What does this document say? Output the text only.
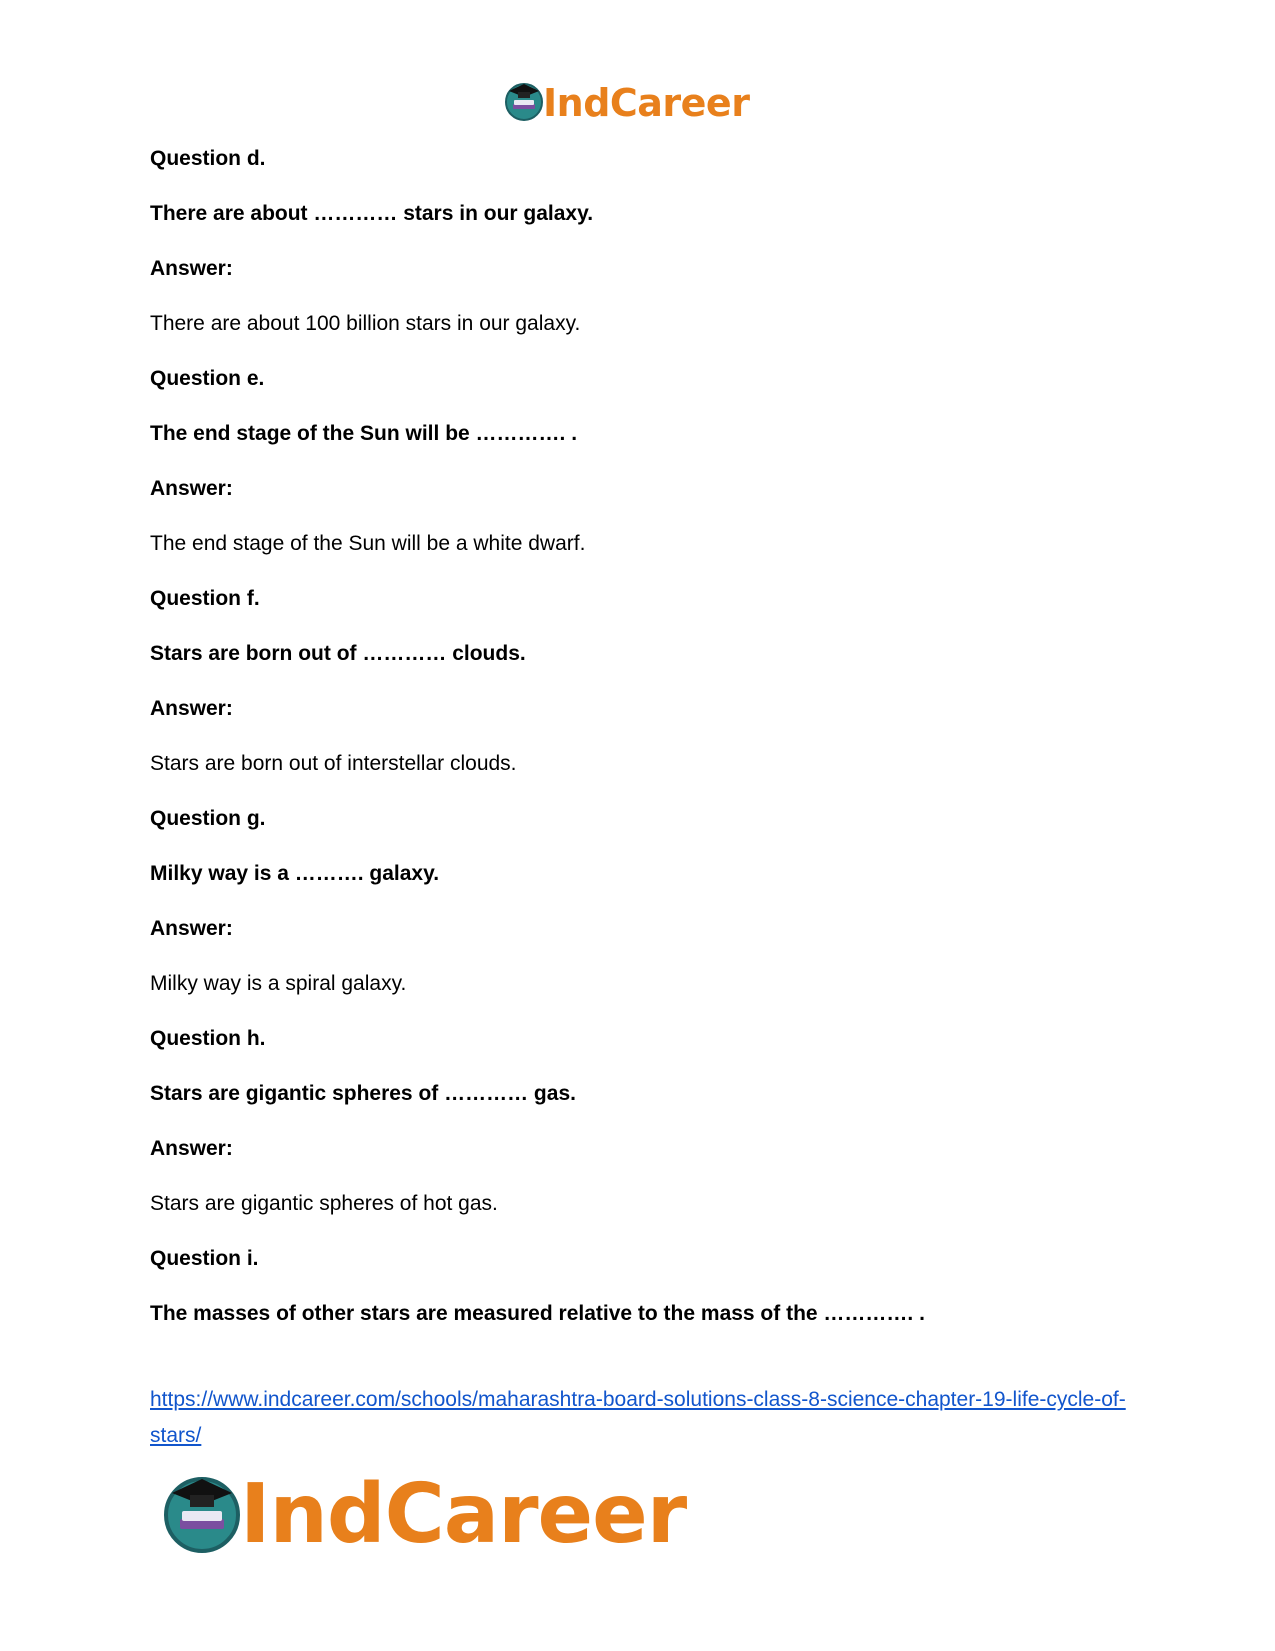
IndCareer
Question d.
There are about ………… stars in our galaxy.
Answer:
There are about 100 billion stars in our galaxy.
Question e.
The end stage of the Sun will be …………. .
Answer:
The end stage of the Sun will be a white dwarf.
Question f.
Stars are born out of ………… clouds.
Answer:
Stars are born out of interstellar clouds.
Question g.
Milky way is a ………. galaxy.
Answer:
Milky way is a spiral galaxy.
Question h.
Stars are gigantic spheres of ………… gas.
Answer:
Stars are gigantic spheres of hot gas.
Question i.
The masses of other stars are measured relative to the mass of the …………. .
https://www.indcareer.com/schools/maharashtra-board-solutions-class-8-science-chapter-19-life-cycle-of-stars/
IndCareer
